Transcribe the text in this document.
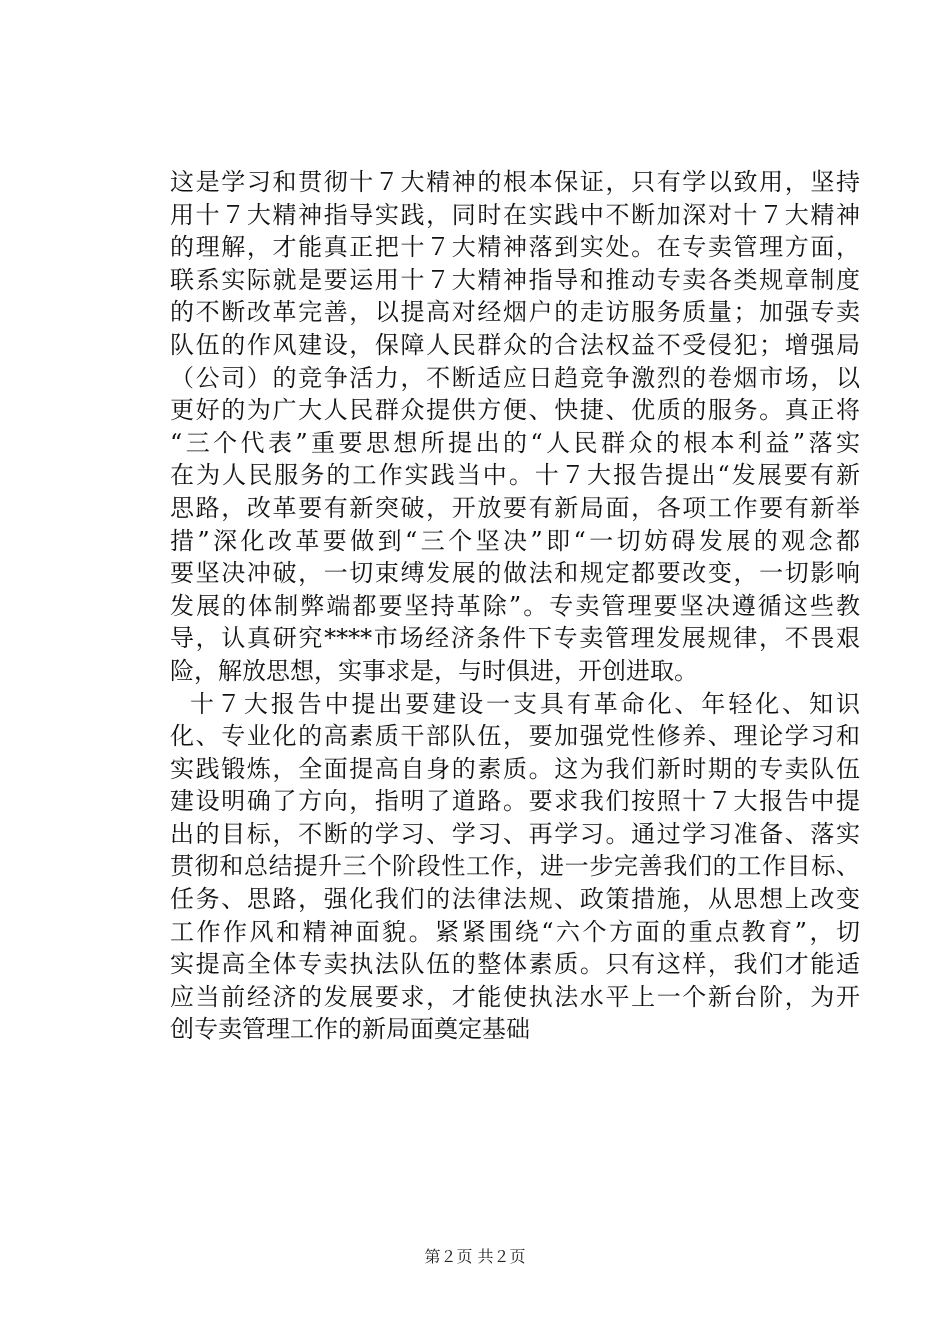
这是学习和贯彻十７大精神的根本保证，只有学以致用，坚持
用十７大精神指导实践，同时在实践中不断加深对十７大精神
的理解，才能真正把十７大精神落到实处。在专卖管理方面，
联系实际就是要运用十７大精神指导和推动专卖各类规章制度
的不断改革完善，以提高对经烟户的走访服务质量；加强专卖
队伍的作风建设，保障人民群众的合法权益不受侵犯；增强局
（公司）的竞争活力，不断适应日趋竞争激烈的卷烟市场，以
更好的为广大人民群众提供方便、快捷、优质的服务。真正将
“三个代表”重要思想所提出的“人民群众的根本利益”落实
在为人民服务的工作实践当中。十７大报告提出“发展要有新
思路，改革要有新突破，开放要有新局面，各项工作要有新举
措”深化改革要做到“三个坚决”即“一切妨碍发展的观念都
要坚决冲破，一切束缚发展的做法和规定都要改变，一切影响
发展的体制弊端都要坚持革除”。专卖管理要坚决遵循这些教
导，认真研究****市场经济条件下专卖管理发展规律，不畏艰
险，解放思想，实事求是，与时俱进，开创进取。
十７大报告中提出要建设一支具有革命化、年轻化、知识
化、专业化的高素质干部队伍，要加强党性修养、理论学习和
实践锻炼，全面提高自身的素质。这为我们新时期的专卖队伍
建设明确了方向，指明了道路。要求我们按照十７大报告中提
出的目标，不断的学习、学习、再学习。通过学习准备、落实
贯彻和总结提升三个阶段性工作，进一步完善我们的工作目标、
任务、思路，强化我们的法律法规、政策措施，从思想上改变
工作作风和精神面貌。紧紧围绕“六个方面的重点教育”，切
实提高全体专卖执法队伍的整体素质。只有这样，我们才能适
应当前经济的发展要求，才能使执法水平上一个新台阶，为开
创专卖管理工作的新局面奠定基础
第２页 共２页
